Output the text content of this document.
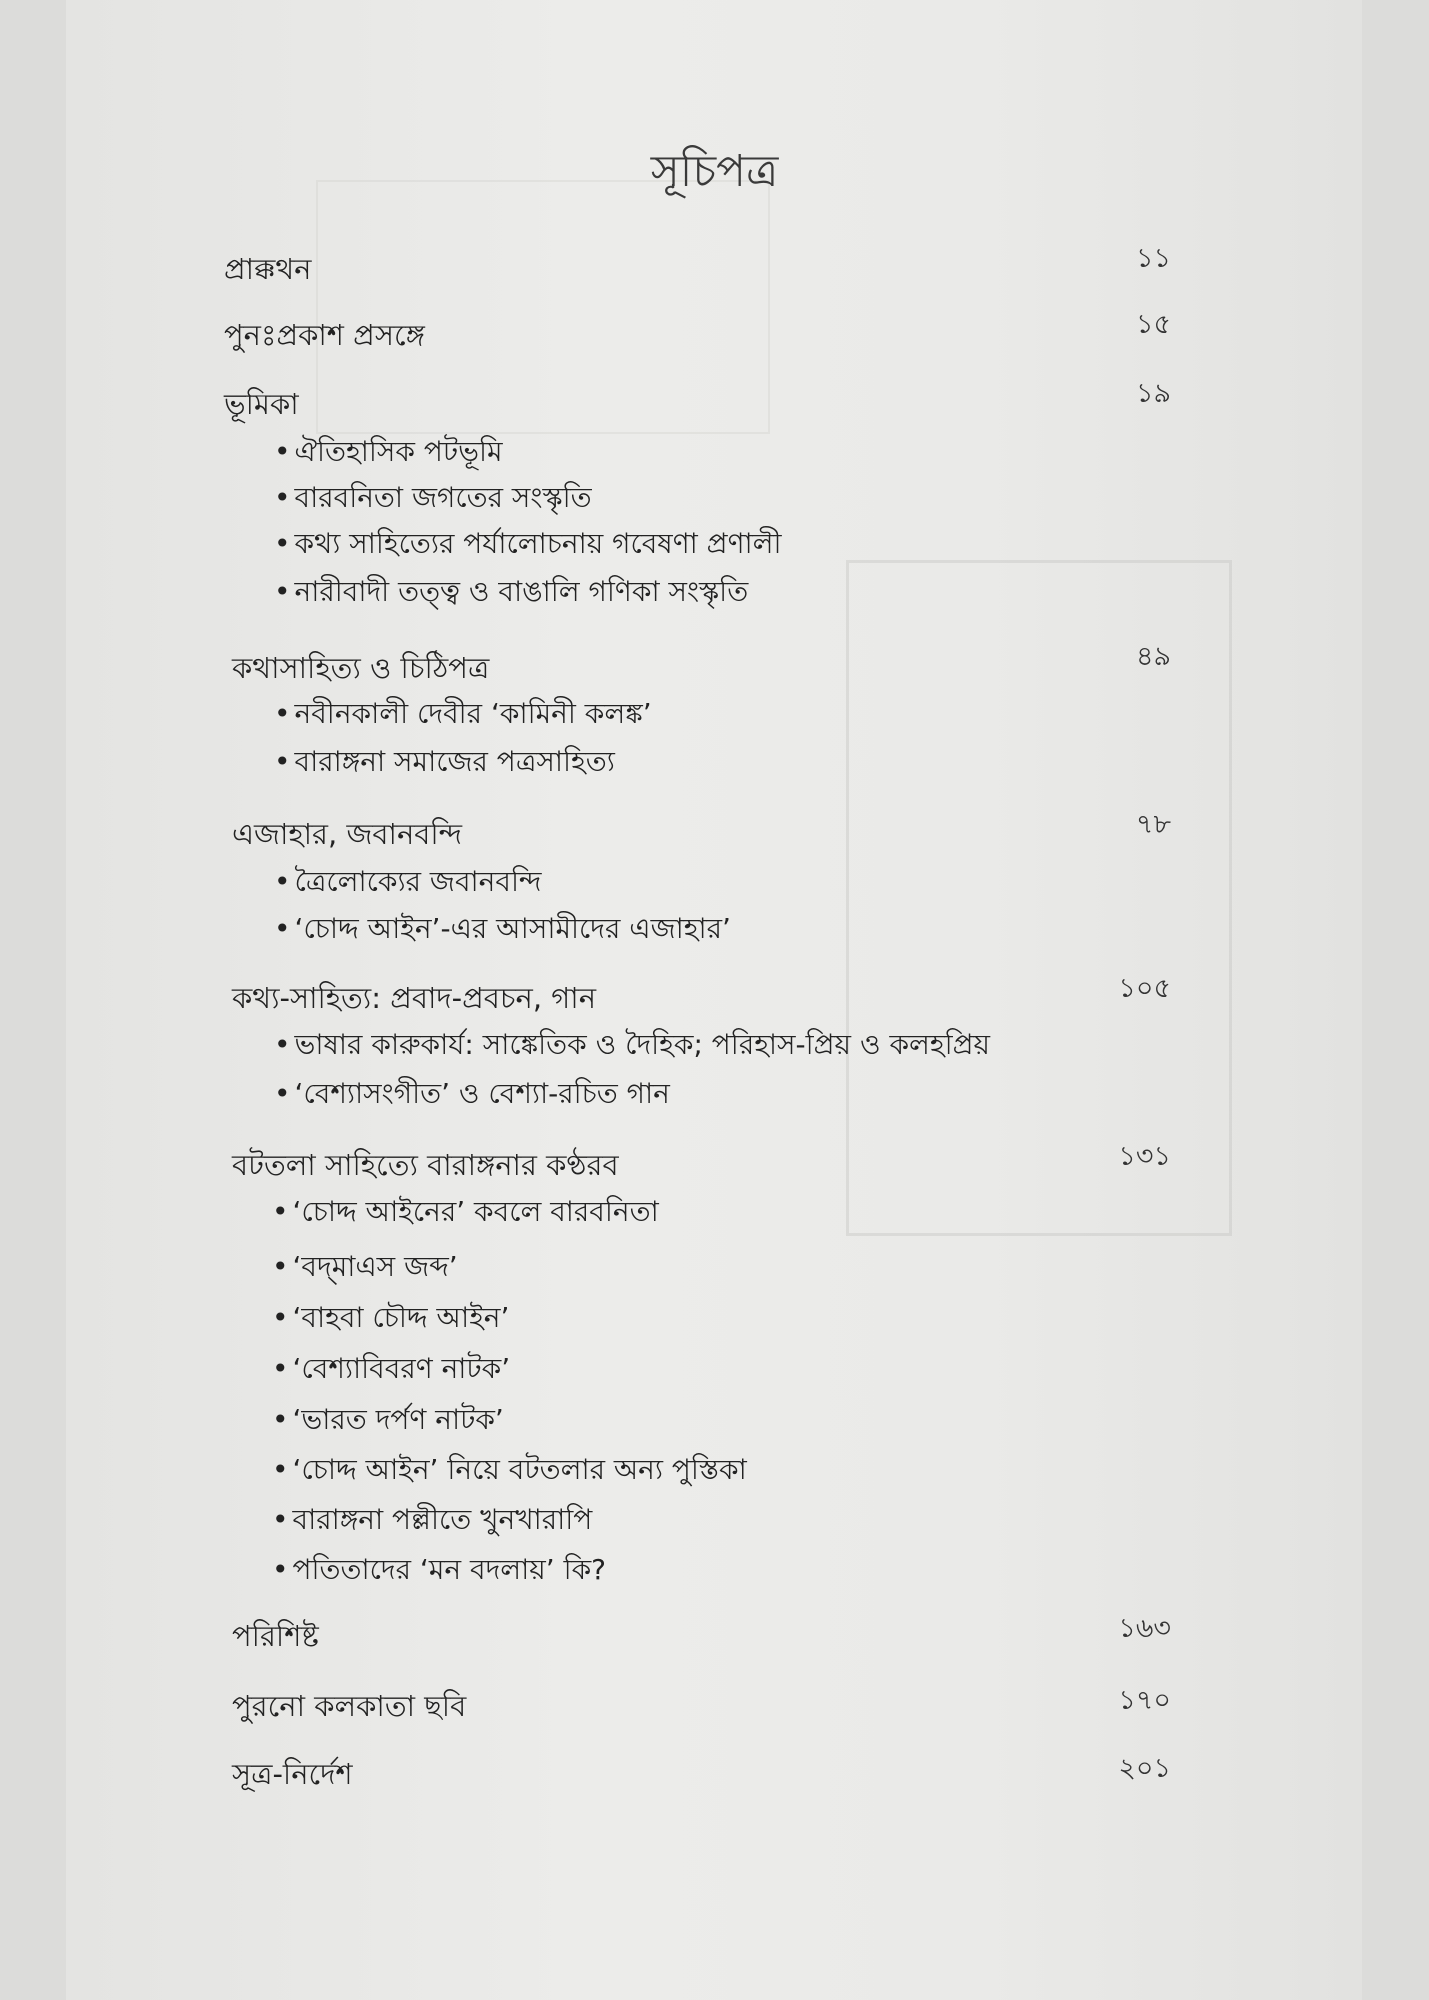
সূচিপত্র
প্রাক্কথন	১১
পুনঃপ্রকাশ প্রসঙ্গে	১৫
ভূমিকা	১৯
• ঐতিহাসিক পটভূমি
• বারবনিতা জগতের সংস্কৃতি
• কথ্য সাহিত্যের পর্যালোচনায় গবেষণা প্রণালী
• নারীবাদী তত্ত্ব ও বাঙালি গণিকা সংস্কৃতি
কথাসাহিত্য ও চিঠিপত্র	৪৯
• নবীনকালী দেবীর ‘কামিনী কলঙ্ক’
• বারাঙ্গনা সমাজের পত্রসাহিত্য
এজাহার, জবানবন্দি	৭৮
• ত্রৈলোক্যের জবানবন্দি
• ‘চোদ্দ আইন’-এর আসামীদের এজাহার’
কথ্য-সাহিত্য: প্রবাদ-প্রবচন, গান	১০৫
• ভাষার কারুকার্য: সাঙ্কেতিক ও দৈহিক; পরিহাস-প্রিয় ও কলহপ্রিয়
• ‘বেশ্যাসংগীত’ ও বেশ্যা-রচিত গান
বটতলা সাহিত্যে বারাঙ্গনার কণ্ঠরব	১৩১
• ‘চোদ্দ আইনের’ কবলে বারবনিতা
• ‘বদ্‌মাএস জব্দ’
• ‘বাহবা চৌদ্দ আইন’
• ‘বেশ্যাবিবরণ নাটক’
• ‘ভারত দর্পণ নাটক’
• ‘চোদ্দ আইন’ নিয়ে বটতলার অন্য পুস্তিকা
• বারাঙ্গনা পল্লীতে খুনখারাপি
• পতিতাদের ‘মন বদলায়’ কি?
পরিশিষ্ট	১৬৩
পুরনো কলকাতা ছবি	১৭০
সূত্র-নির্দেশ	২০১
